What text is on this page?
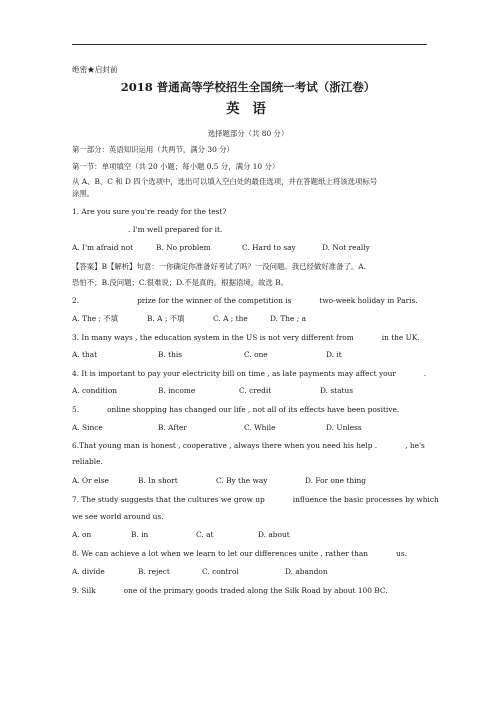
绝密★启封前
2018 普通高等学校招生全国统一考试（浙江卷）
英 语
选择题部分（共 80 分）
第一部分：英语知识运用（共两节，满分 30 分）
第一节：单项填空（共 20 小题；每小题 0.5 分，满分 10 分）
从 A、B、C 和 D 四个选项中，选出可以填入空白处的最佳选项，并在答题纸上将该选项标号
涂黑。
1. Are you sure you're ready for the test?
. I'm well prepared for it.
A. I'm afraid not	B. No problem	C. Hard to say	D. Not really
【答案】B【解析】句意：一你确定你准备好考试了吗？一没问题。我已经做好准备了。A.
恐怕不；B.没问题；C.很难说；D.不是真的。根据语境，故选 B。
2.	prize for the winner of the competition is	two-week holiday in Paris.
A. The ; 不填	B. A ; 不填	C. A ; the	D. The ; a
3. In many ways , the education system in the US is not very different from	in the UK.
A. that	B. this	C. one	D. it
4. It is important to pay your electricity bill on time , as late payments may affect your	.
A. condition	B. income	C. credit	D. status
5.	online shopping has changed our life , not all of its effects have been positive.
A. Since	B. After	C. While	D. Unless
6.That young man is honest , cooperative , always there when you need his help .	, he's
reliable.
A. Or else	B. In short	C. By the way	D. For one thing
7. The study suggests that the cultures we grow up	influence the basic processes by which
we see world around us.
A. on	B. in	C. at	D. about
8. We can achieve a lot when we learn to let our differences unite , rather than	us.
A. divide	B. reject	C. control	D. abandon
9. Silk	one of the primary goods traded along the Silk Road by about 100 BC.
